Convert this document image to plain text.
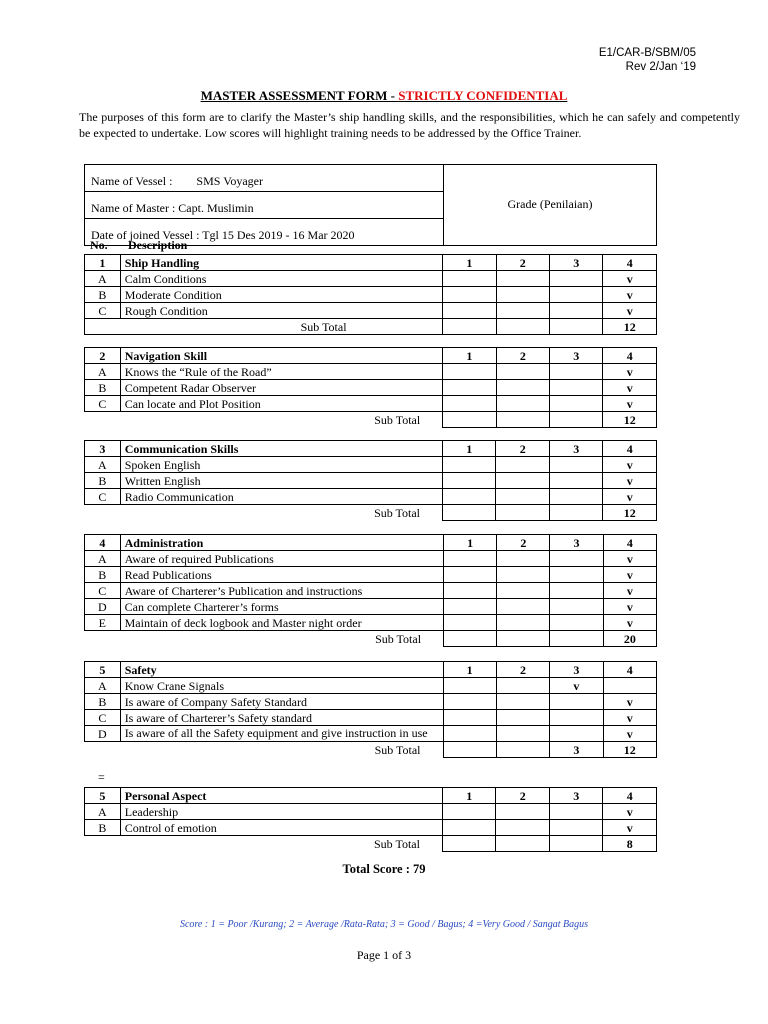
E1/CAR-B/SBM/05
Rev 2/Jan ‘19
MASTER ASSESSMENT FORM - STRICTLY CONFIDENTIAL
The purposes of this form are to clarify the Master’s ship handling skills, and the responsibilities, which he can safely and competently be expected to undertake. Low scores will highlight training needs to be addressed by the Office Trainer.
Name of Vessel :        SMS Voyager	Grade (Penilaian)
Name of Master : Capt. Muslimin
Date of joined Vessel : Tgl 15 Des 2019 - 16 Mar 2020
No. Description
1	Ship Handling	1	2	3	4
A	Calm Conditions				v
B	Moderate Condition				v
C	Rough Condition				v
Sub Total					12
2	Navigation Skill	1	2	3	4
A	Knows the “Rule of the Road”				v
B	Competent Radar Observer				v
C	Can locate and Plot Position				v
Sub Total					12
3	Communication Skills	1	2	3	4
A	Spoken English				v
B	Written English				v
C	Radio Communication				v
Sub Total					12
4	Administration	1	2	3	4
A	Aware of required Publications				v
B	Read Publications				v
C	Aware of Charterer’s Publication and instructions				v
D	Can complete Charterer’s forms				v
E	Maintain of deck logbook and Master night order				v
Sub Total					20
5	Safety	1	2	3	4
A	Know Crane Signals			v	
B	Is aware of Company Safety Standard				v
C	Is aware of Charterer’s Safety standard				v
D	Is aware of all the Safety equipment and give instruction in use				v
Sub Total				3	12
5	Personal Aspect	1	2	3	4
A	Leadership				v
B	Control of emotion				v
Sub Total					8
=
Total Score : 79
Score : 1 = Poor /Kurang; 2 = Average /Rata-Rata; 3 = Good / Bagus; 4 =Very Good / Sangat Bagus
Page 1 of 3
